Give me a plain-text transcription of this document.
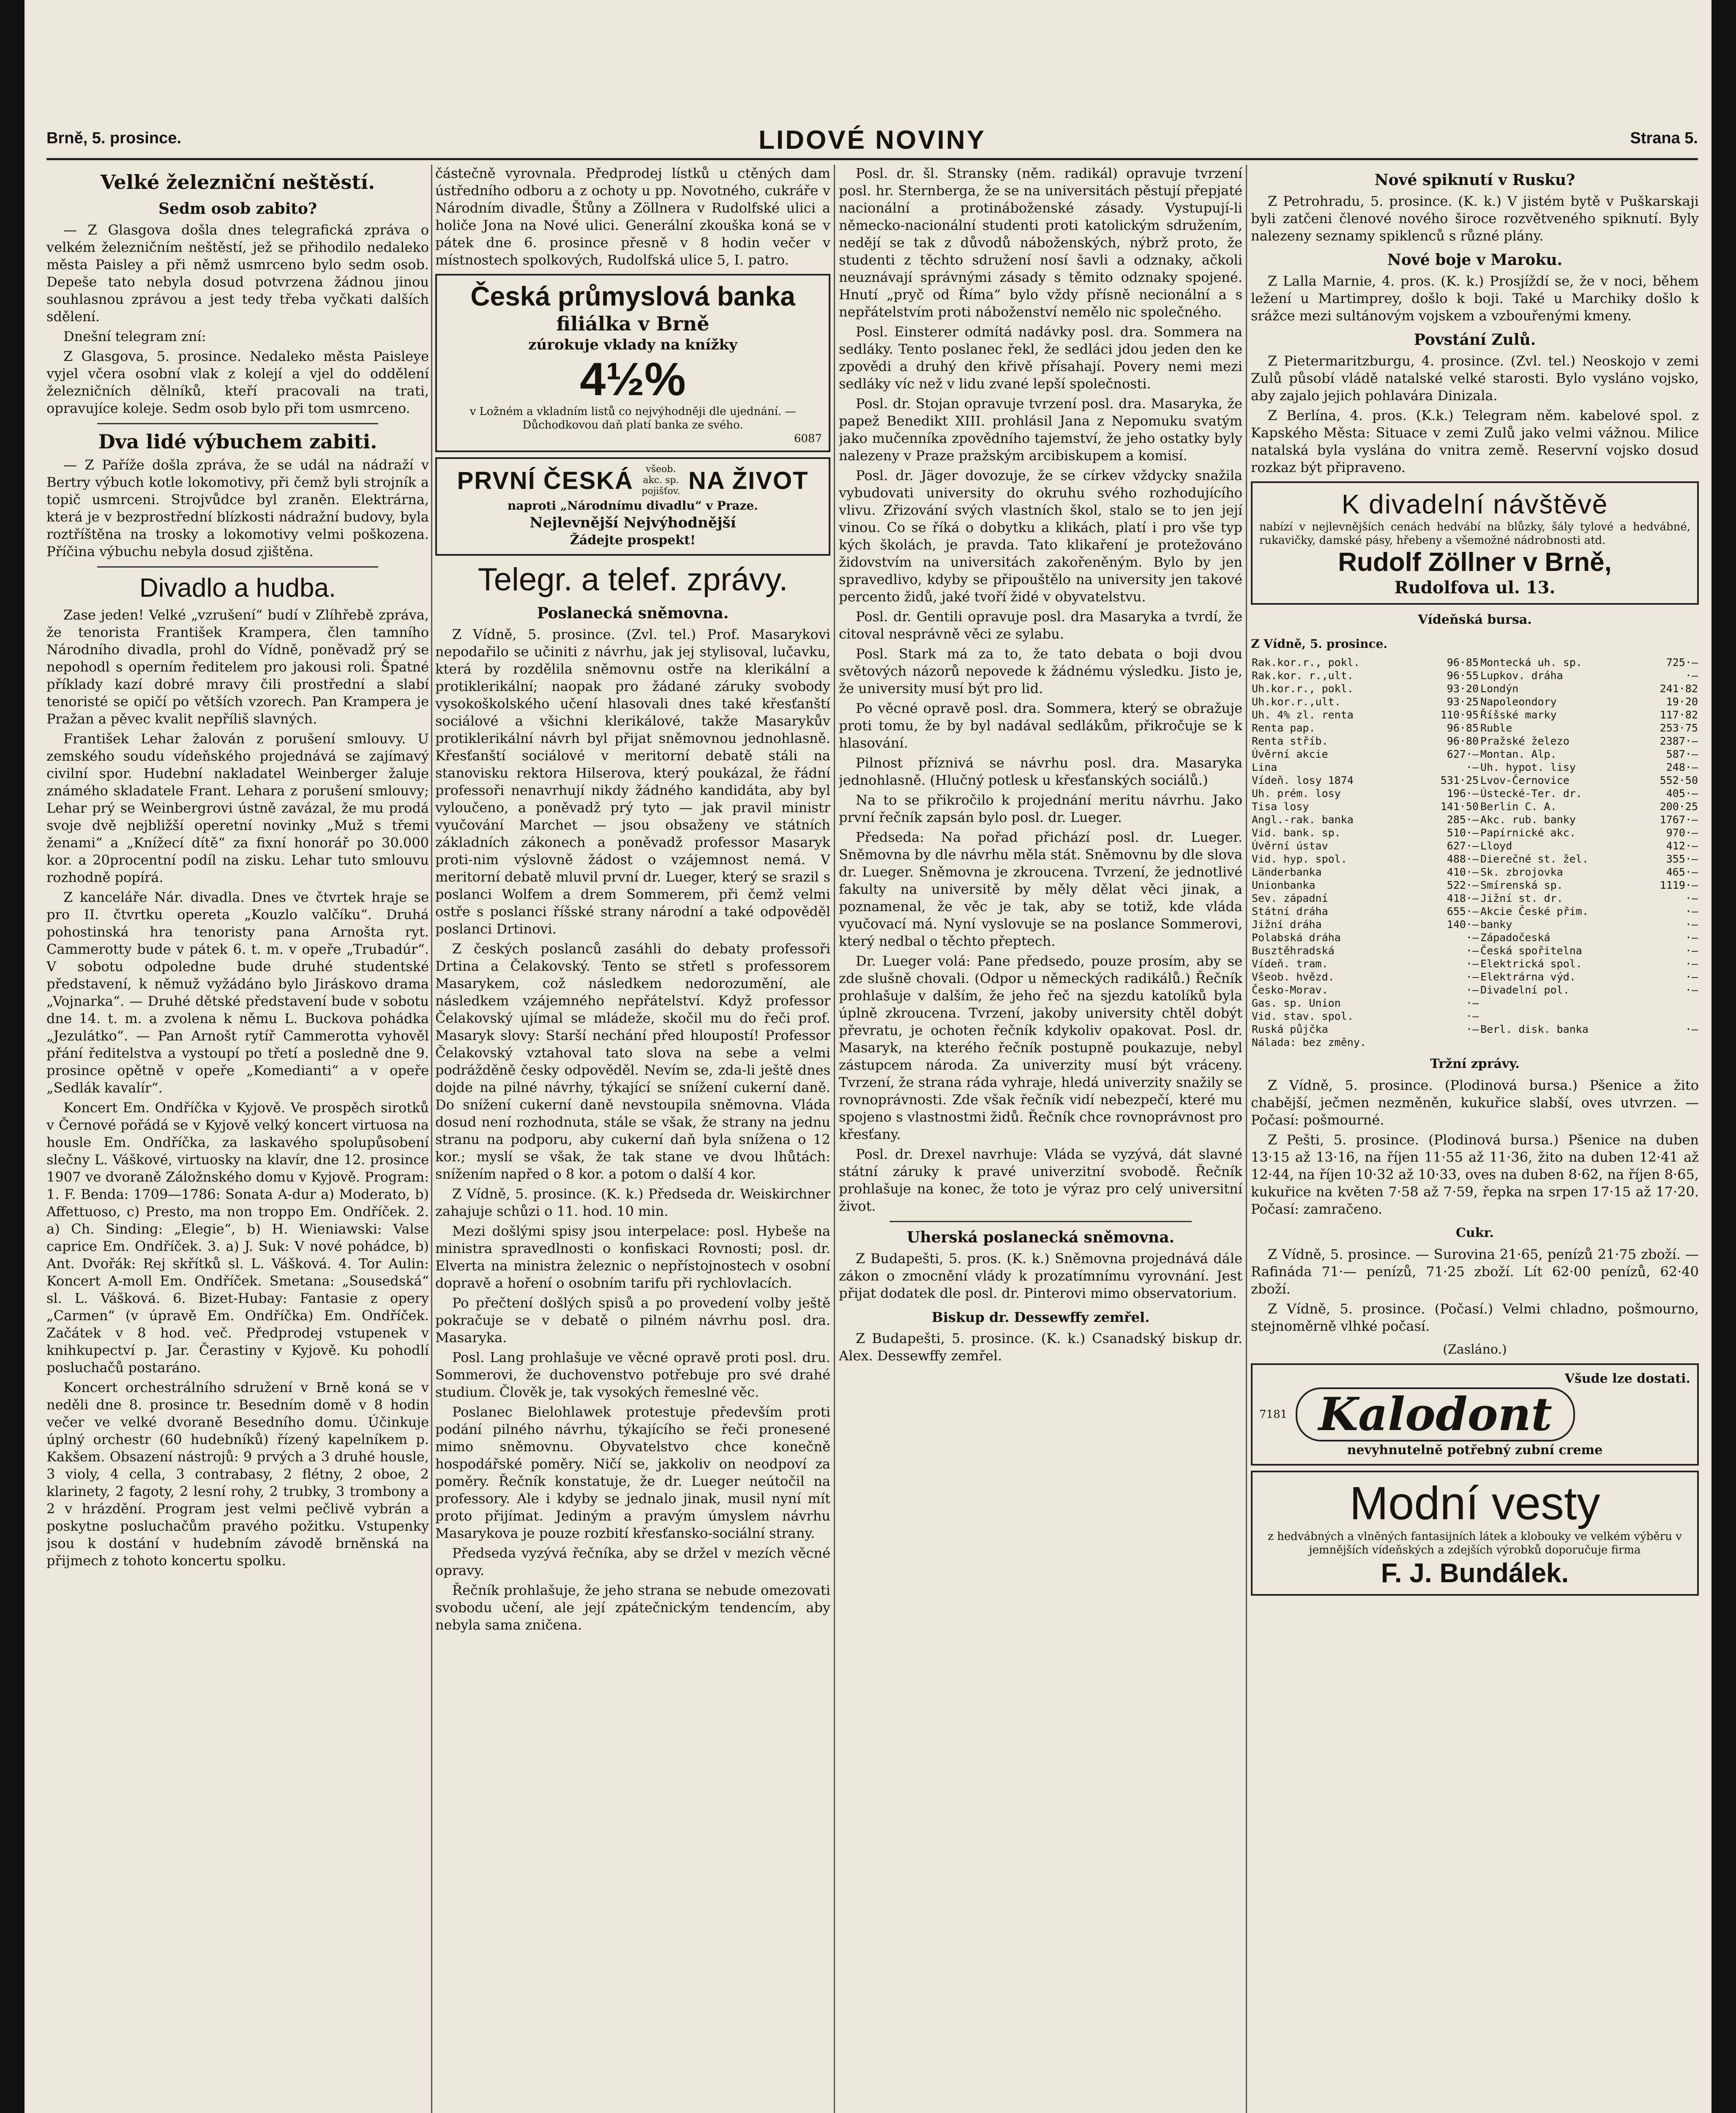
Brně, 5. prosince.	LIDOVÉ NOVINY	Strana 5.
Velké železniční neštěstí.
Sedm osob zabito?

— Z Glasgova došla dnes telegrafická zpráva o velkém železničním neštěstí, jež se přihodilo nedaleko města Paisley a při němž usmrceno bylo sedm osob. Depeše tato nebyla dosud potvrzena žádnou jinou souhlasnou zprávou a jest tedy třeba vyčkati dalších sdělení.

Dnešní telegram zní:

Z Glasgova, 5. prosince. Nedaleko města Paisleye vyjel včera osobní vlak z kolejí a vjel do oddělení železničních dělníků, kteří pracovali na trati, opravujíce koleje. Sedm osob bylo při tom usmrceno.

Dva lidé výbuchem zabiti.

— Z Paříže došla zpráva, že se udál na nádraží v Bertry výbuch kotle lokomotivy, při čemž byli strojník a topič usmrceni. Strojvůdce byl zraněn. Elektrárna, která je v bezprostřední blízkosti nádražní budovy, byla roztříštěna na trosky a lokomotivy velmi poškozena. Příčina výbuchu nebyla dosud zjištěna.

Divadlo a hudba.

Zase jeden! Velké „vzrušení“ budí v Zlíhřebě zpráva, že tenorista František Krampera, člen tamního Národního divadla, prohl do Vídně, poněvadž prý se nepohodl s operním ředitelem pro jakousi roli. Špatné příklady kazí dobré mravy čili prostřední a slabí tenoristé se opičí po větších vzorech. Pan Krampera je Pražan a pěvec kvalit nepříliš slavných.

František Lehar žalován z porušení smlouvy. U zemského soudu vídeňského projednává se zajímavý civilní spor. Hudební nakladatel Weinberger žaluje známého skladatele Frant. Lehara z porušení smlouvy; Lehar prý se Weinbergrovi ústně zavázal, že mu prodá svoje dvě nejbližší operetní novinky „Muž s třemi ženami“ a „Knížecí dítě“ za fixní honorář po 30.000 kor. a 20procentní podíl na zisku. Lehar tuto smlouvu rozhodně popírá.

Z kanceláře Nár. divadla. Dnes ve čtvrtek hraje se pro II. čtvrtku opereta „Kouzlo valčíku“. Druhá pohostinská hra tenoristy pana Arnošta ryt. Cammerotty bude v pátek 6. t. m. v opeře „Trubadúr“. V sobotu odpoledne bude druhé studentské představení, k němuž vyžádáno bylo Jiráskovo drama „Vojnarka“. — Druhé dětské představení bude v sobotu dne 14. t. m. a zvolena k němu L. Buckova pohádka „Jezulátko“. — Pan Arnošt rytíř Cammerotta vyhověl přání ředitelstva a vystoupí po třetí a posledně dne 9. prosince opětně v opeře „Komedianti“ a v opeře „Sedlák kavalír“.

Koncert Em. Ondříčka v Kyjově. Ve prospěch sirotků v Černové pořádá se v Kyjově velký koncert virtuosa na housle Em. Ondříčka, za laskavého spolupůsobení slečny L. Váškové, virtuosky na klavír, dne 12. prosince 1907 ve dvoraně Záložnského domu v Kyjově. Program: 1. F. Benda: 1709—1786: Sonata A-dur a) Moderato, b) Affettuoso, c) Presto, ma non troppo Em. Ondříček. 2. a) Ch. Sinding: „Elegie“, b) H. Wieniawski: Valse caprice Em. Ondříček. 3. a) J. Suk: V nové pohádce, b) Ant. Dvořák: Rej skřítků sl. L. Vášková. 4. Tor Aulin: Koncert A-moll Em. Ondříček. Smetana: „Sousedská“ sl. L. Vášková. 6. Bizet-Hubay: Fantasie z opery „Carmen“ (v úpravě Em. Ondříčka) Em. Ondříček. Začátek v 8 hod. več. Předprodej vstupenek v knihkupectví p. Jar. Čerastiny v Kyjově. Ku pohodlí posluchačů postaráno.

Koncert orchestrálního sdružení v Brně koná se v neděli dne 8. prosince tr. Besedním domě v 8 hodin večer ve velké dvoraně Besedního domu. Účinkuje úplný orchestr (60 hudebníků) řízený kapelníkem p. Kakšem. Obsazení nástrojů: 9 prvých a 3 druhé housle, 3 violy, 4 cella, 3 contrabasy, 2 flétny, 2 oboe, 2 klarinety, 2 fagoty, 2 lesní rohy, 2 trubky, 3 trombony a 2 v hrázdění. Program jest velmi pečlivě vybrán a poskytne posluchačům pravého požitku. Vstupenky jsou k dostání v hudebním závodě brněnská na přijmech z tohoto koncertu spolku.

částečně vyrovnala. Předprodej lístků u ctěných dam ústředního odboru a z ochoty u pp. Novotného, cukráře v Národním divadle, Štůny a Zöllnera v Rudolfské ulici a holiče Jona na Nové ulici. Generální zkouška koná se v pátek dne 6. prosince přesně v 8 hodin večer v místnostech spolkových, Rudolfská ulice 5, I. patro.

Česká průmyslová banka
filiálka v Brně
zúrokuje vklady na knížky
4½%
v Ložném a vkladním listů co nejvýhodněji dle ujednání. — Důchodkovou daň platí banka ze svého.
6087
PRVNÍ ČESKÁ	všeob. akc. sp. pojišťov. NA ŽIVOT
naproti „Národnímu divadlu“ v Praze.
Nejlevnější Nejvýhodnější
Žádejte prospekt!
Telegr. a telef. zprávy.
Poslanecká sněmovna.

Z Vídně, 5. prosince. (Zvl. tel.) Prof. Masarykovi nepodařilo se učiniti z návrhu, jak jej stylisoval, lučavku, která by rozdělila sněmovnu ostře na klerikální a protiklerikální; naopak pro žádané záruky svobody vysokoškolského učení hlasovali dnes také křesťanští sociálové a všichni klerikálové, takže Masarykův protiklerikální návrh byl přijat sněmovnou jednohlasně. Křesťanští sociálové v meritorní debatě stáli na stanovisku rektora Hilserova, který poukázal, že řádní professoři nenavrhují nikdy žádného kandidáta, aby byl vyloučeno, a poněvadž prý tyto — jak pravil ministr vyučování Marchet — jsou obsaženy ve státních základních zákonech a poněvadž professor Masaryk proti-nim výslovně žádost o vzájemnost nemá. V meritorní debatě mluvil první dr. Lueger, který se srazil s poslanci Wolfem a drem Sommerem, při čemž velmi ostře s poslanci říšské strany národní a také odpověděl poslanci Drtinovi.

Z českých poslanců zasáhli do debaty professoři Drtina a Čelakovský. Tento se střetl s professorem Masarykem, což následkem nedorozumění, ale následkem vzájemného nepřátelství. Když professor Čelakovský ujímal se mládeže, skočil mu do řeči prof. Masaryk slovy: Starší nechání před hloupostí! Professor Čelakovský vztahoval tato slova na sebe a velmi podrážděně česky odpověděl. Nevím se, zda-li ještě dnes dojde na pilné návrhy, týkající se snížení cukerní daně. Do snížení cukerní daně nevstoupila sněmovna. Vláda dosud není rozhodnuta, stále se však, že strany na jednu stranu na podporu, aby cukerní daň byla snížena o 12 kor.; myslí se však, že tak stane ve dvou lhůtách: snížením napřed o 8 kor. a potom o další 4 kor.

Z Vídně, 5. prosince. (K. k.) Předseda dr. Weiskirchner zahajuje schůzi o 11. hod. 10 min.

Mezi došlými spisy jsou interpelace: posl. Hybeše na ministra spravedlnosti o konfiskaci Rovnosti; posl. dr. Elverta na ministra železnic o nepřístojnostech v osobní dopravě a hoření o osobním tarifu při rychlovlacích.

Po přečtení došlých spisů a po provedení volby ještě pokračuje se v debatě o pilném návrhu posl. dra. Masaryka.

Posl. Lang prohlašuje ve věcné opravě proti posl. dru. Sommerovi, že duchovenstvo potřebuje pro své drahé studium. Člověk je, tak vysokých řemeslné věc.

Poslanec Bielohlawek protestuje především proti podání pilného návrhu, týkajícího se řeči pronesené mimo sněmovnu. Obyvatelstvo chce konečně hospodářské poměry. Ničí se, jakkoliv on neodpoví za poměry. Řečník konstatuje, že dr. Lueger neútočil na professory. Ale i kdyby se jednalo jinak, musil nyní mít proto přijímat. Jediným a pravým úmyslem návrhu Masarykova je pouze rozbití křesťansko-sociální strany.

Předseda vyzývá řečníka, aby se držel v mezích věcné opravy.

Řečník prohlašuje, že jeho strana se nebude omezovati svobodu učení, ale její zpátečnickým tendencím, aby nebyla sama zničena.

Posl. dr. šl. Stransky (něm. radikál) opravuje tvrzení posl. hr. Sternberga, že se na universitách pěstují přepjaté nacionální a protináboženské zásady. Vystupují-li německo-nacionální studenti proti katolickým sdružením, nedějí se tak z důvodů náboženských, nýbrž proto, že studenti z těchto sdružení nosí šavli a odznaky, ačkoli neuznávají správnými zásady s těmito odznaky spojené. Hnutí „pryč od Říma“ bylo vždy přísně necionální a s nepřátelstvím proti náboženství nemělo nic společného.

Posl. Einsterer odmítá nadávky posl. dra. Sommera na sedláky. Tento poslanec řekl, že sedláci jdou jeden den ke zpovědi a druhý den křivě přísahají. Povery nemi mezi sedláky víc než v lidu zvané lepší společnosti.

Posl. dr. Stojan opravuje tvrzení posl. dra. Masaryka, že papež Benedikt XIII. prohlásil Jana z Nepomuku svatým jako mučenníka zpovědního tajemství, že jeho ostatky byly nalezeny v Praze pražským arcibiskupem a komisí.

Posl. dr. Jäger dovozuje, že se církev vždycky snažila vybudovati university do okruhu svého rozhodujícího vlivu. Zřizování svých vlastních škol, stalo se to jen její vinou. Co se říká o dobytku a klikách, platí i pro vše typ kých školách, je pravda. Tato klikaření je protežováno židovstvím na universitách zakořeněným. Bylo by jen spravedlivo, kdyby se připouštělo na university jen takové percento židů, jaké tvoří židé v obyvatelstvu.

Posl. dr. Gentili opravuje posl. dra Masaryka a tvrdí, že citoval nesprávně věci ze sylabu.

Posl. Stark má za to, že tato debata o boji dvou světových názorů nepovede k žádnému výsledku. Jisto je, že university musí být pro lid.

Po věcné opravě posl. dra. Sommera, který se obražuje proti tomu, že by byl nadával sedlákům, přikročuje se k hlasování.

Pilnost příznivá se návrhu posl. dra. Masaryka jednohlasně. (Hlučný potlesk u křesťanských sociálů.)

Na to se přikročilo k projednání meritu návrhu. Jako první řečník zapsán bylo posl. dr. Lueger.

Předseda: Na pořad přichází posl. dr. Lueger. Sněmovna by dle návrhu měla stát. Sněmovnu by dle slova dr. Lueger. Sněmovna je zkroucena. Tvrzení, že jednotlivé fakulty na universitě by měly dělat věci jinak, a poznamenal, že věc je tak, aby se totiž, kde vláda vyučovací má. Nyní vyslovuje se na poslance Sommerovi, který nedbal o těchto přeptech.

Dr. Lueger volá: Pane předsedo, pouze prosím, aby se zde slušně chovali. (Odpor u německých radikálů.) Řečník prohlašuje v dalším, že jeho řeč na sjezdu katolíků byla úplně zkroucena. Tvrzení, jakoby university chtěl dobýt převratu, je ochoten řečník kdykoliv opakovat. Posl. dr. Masaryk, na kterého řečník postupně poukazuje, nebyl zástupcem národa. Za univerzity musí být vráceny. Tvrzení, že strana ráda vyhraje, hledá univerzity snažily se rovnoprávnosti. Zde však řečník vidí nebezpečí, které mu spojeno s vlastnostmi židů. Řečník chce rovnoprávnost pro křesťany.

Posl. dr. Drexel navrhuje: Vláda se vyzývá, dát slavné státní záruky k pravé univerzitní svobodě. Řečník prohlašuje na konec, že toto je výraz pro celý universitní život.

Uherská poslanecká sněmovna.

Z Budapešti, 5. pros. (K. k.) Sněmovna projednává dále zákon o zmocnění vlády k prozatímnímu vyrovnání. Jest přijat dodatek dle posl. dr. Pinterovi mimo observatorium.

Biskup dr. Dessewffy zemřel.

Z Budapešti, 5. prosince. (K. k.) Csanadský biskup dr. Alex. Dessewffy zemřel.

Nové spiknutí v Rusku?

Z Petrohradu, 5. prosince. (K. k.) V jistém bytě v Puškarskaji byli zatčeni členové nového široce rozvětveného spiknutí. Byly nalezeny seznamy spiklenců s různé plány.

Nové boje v Maroku.

Z Lalla Marnie, 4. pros. (K. k.) Prosjíždí se, že v noci, během ležení u Martimprey, došlo k boji. Také u Marchiky došlo k srážce mezi sultánovým vojskem a vzbouřenými kmeny.

Povstání Zulů.

Z Pietermaritzburgu, 4. prosince. (Zvl. tel.) Neoskojo v zemi Zulů působí vládě natalské velké starosti. Bylo vysláno vojsko, aby zajalo jejich pohlavára Dinizala.

Z Berlína, 4. pros. (K.k.) Telegram něm. kabelové spol. z Kapského Města: Situace v zemi Zulů jako velmi vážnou. Milice natalská byla vyslána do vnitra země. Reservní vojsko dosud rozkaz být připraveno.

K divadelní návštěvě
nabízí v nejlevnějších cenách hedvábí na blůzky, šály tylové a hedvábné, rukavičky, damské pásy, hřebeny a všemožné nádrobnosti atd.
Rudolf Zöllner v Brně,
Rudolfova ul. 13.
Vídeňská bursa.
Z Vídně, 5. prosince.
Rak.kor.r., pokl.	96·85	Montecká uh. sp.	725·—
Rak.kor. r.,ult.	96·55	Lupkov. dráha	·—
Uh.kor.r., pokl.	93·20	Londýn	241·82
Uh.kor.r.,ult.	93·25	Napoleondory	19·20
Uh. 4% zl. renta	110·95	Říšské marky	117·82
Renta pap.	96·85	Ruble	253·75
Renta stříb.	96·80	Pražské železo	2387·—
Úvěrní akcie	627·—	Montan. Alp.	587·—
Lina	·—	Uh. hypot. lisy	248·—
Vídeň. losy 1874	531·25	Lvov-Černovice	552·50
Uh. prém. losy	196·—	Ústecké-Ter. dr.	405·—
Tisa losy	141·50	Berlin C. A.	200·25
Angl.-rak. banka	285·—	Akc. rub. banky	1767·—
Vid. bank. sp.	510·—	Papírnické akc.	970·—
Úvěrní ústav	627·—	Lloyd	412·—
Vid. hyp. spol.	488·—	Dierečné st. žel.	355·—
Länderbanka	410·—	Sk. zbrojovka	465·—
Unionbanka	522·—	Smírenská sp.	1119·—
Sev. západní	418·—	Jižní st. dr.	·—
Státní dráha	655·—	Akcie České přim.	·—
Jižní dráha	140·—	banky	·—
Polabská dráha	·—	Západočeská	·—
Busztěhradská	·—	Česká spořitelna	·—
Vídeň. tram.	·—	Elektrická spol.	·—
Všeob. hvězd.	·—	Elektrárna výd.	·—
Česko-Morav.	·—	Divadelní pol.	·—
Gas. sp. Union	·—		
Vid. stav. spol.	·—		
Ruská půjčka	·—	Berl. disk. banka	·—
Nálada: bez změny.			
Tržní zprávy.

Z Vídně, 5. prosince. (Plodinová bursa.) Pšenice a žito chabější, ječmen nezměněn, kukuřice slabší, oves utvrzen. — Počasí: pošmourné.

Z Pešti, 5. prosince. (Plodinová bursa.) Pšenice na duben 13·15 až 13·16, na říjen 11·55 až 11·36, žito na duben 12·41 až 12·44, na říjen 10·32 až 10·33, oves na duben 8·62, na říjen 8·65, kukuřice na květen 7·58 až 7·59, řepka na srpen 17·15 až 17·20. Počasí: zamračeno.

Cukr.

Z Vídně, 5. prosince. — Surovina 21·65, penízů 21·75 zboží. — Rafináda 71·— penízů, 71·25 zboží. Lít 62·00 penízů, 62·40 zboží.

Z Vídně, 5. prosince. (Počasí.) Velmi chladno, pošmourno, stejnoměrně vlhké počasí.

(Zasláno.)
Všude lze dostati.
7181 Kalodont
nevyhnutelně potřebný zubní creme
Modní vesty
z hedvábných a vlněných fantasijních látek a klobouky ve velkém výběru v jemnějších vídeňských a zdejších výrobků doporučuje firma
F. J. Bundálek.
